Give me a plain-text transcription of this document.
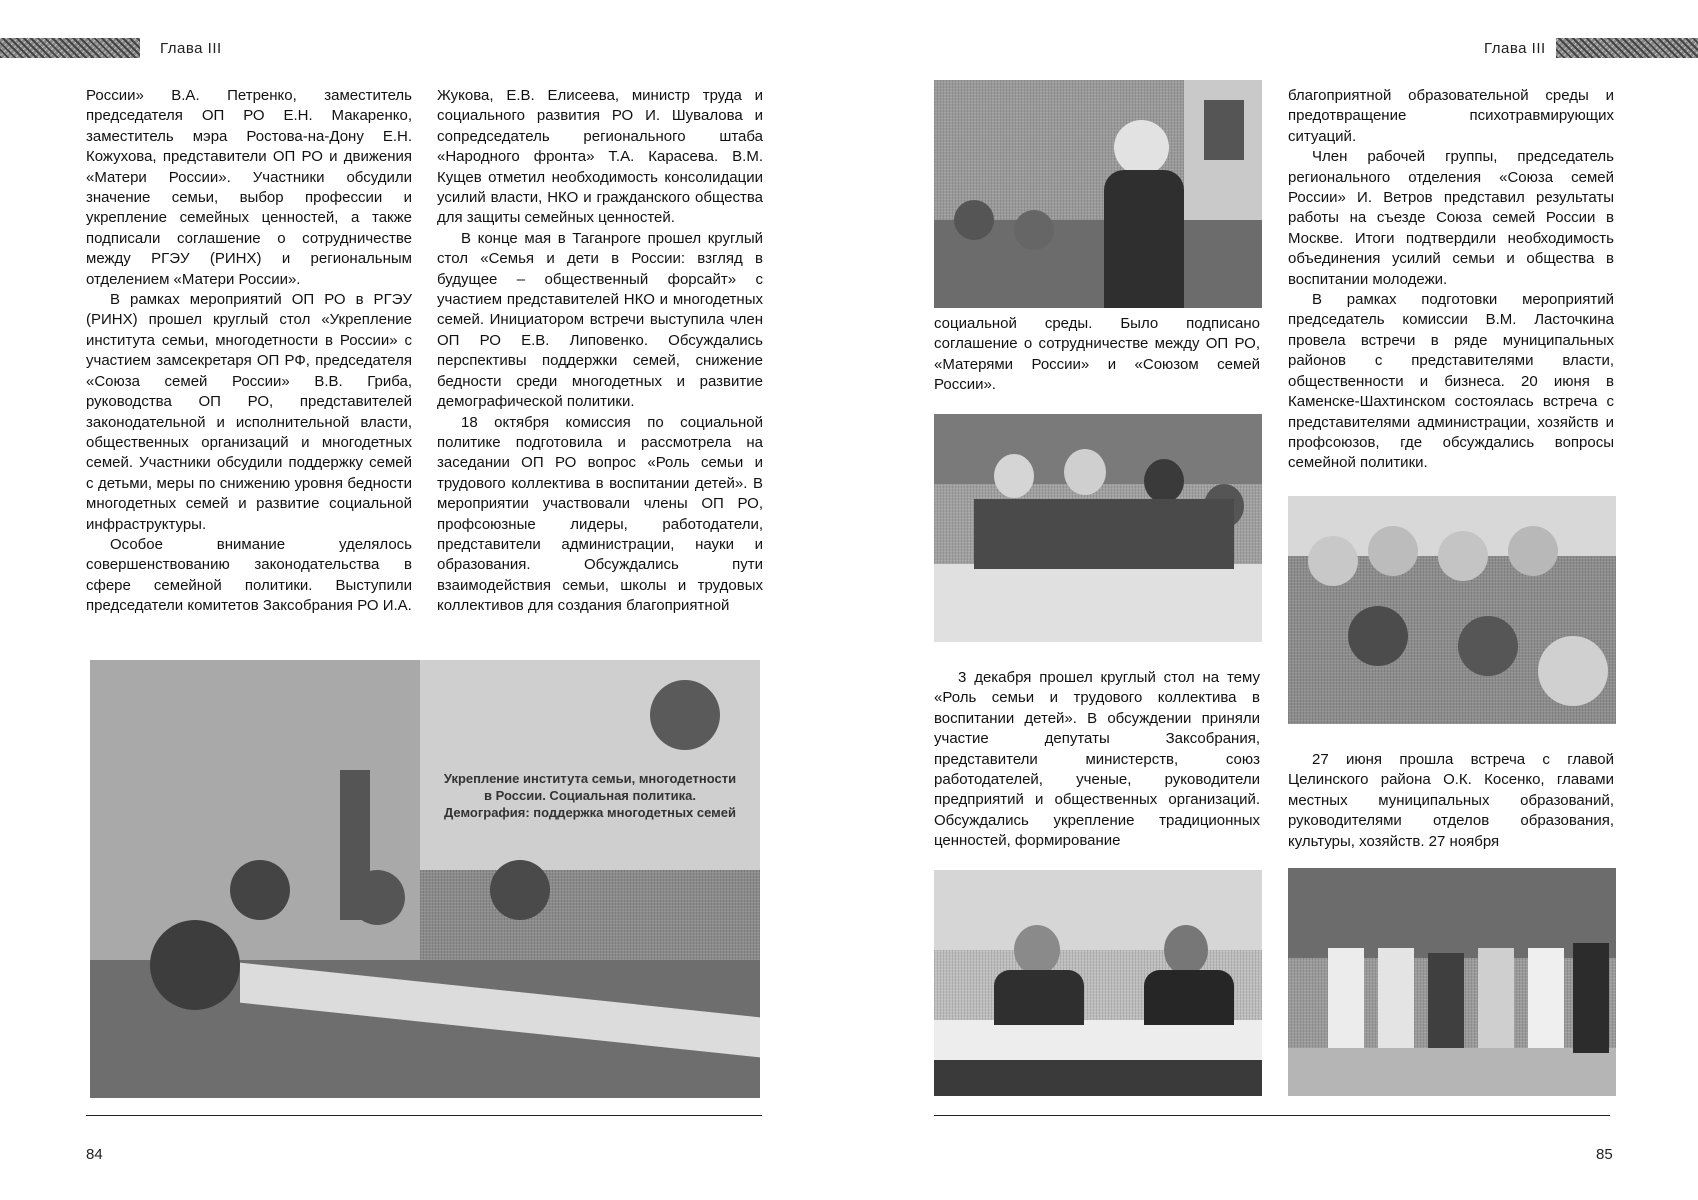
Глава III	Глава III

России» В.А. Петренко, заместитель председателя ОП РО Е.Н. Макаренко, заместитель мэра Ростова-на-Дону Е.Н. Кожухова, представители ОП РО и движения «Матери России». Участники обсудили значение семьи, выбор профессии и укрепление семейных ценностей, а также подписали соглашение о сотрудничестве между РГЭУ (РИНХ) и региональным отделением «Матери России».

В рамках мероприятий ОП РО в РГЭУ (РИНХ) прошел круглый стол «Укрепление института семьи, многодетности в России» с участием замсекретаря ОП РФ, председателя «Союза семей России» В.В. Гриба, руководства ОП РО, представителей законодательной и исполнительной власти, общественных организаций и многодетных семей. Участники обсудили поддержку семей с детьми, меры по снижению уровня бедности многодетных семей и развитие социальной инфраструктуры.

Особое внимание уделялось совершенствованию законодательства в сфере семейной политики. Выступили председатели комитетов Заксобрания РО И.А.

Жукова, Е.В. Елисеева, министр труда и социального развития РО И. Шувалова и сопредседатель регионального штаба «Народного фронта» Т.А. Карасева. В.М. Кущев отметил необходимость консолидации усилий власти, НКО и гражданского общества для защиты семейных ценностей.

В конце мая в Таганроге прошел круглый стол «Семья и дети в России: взгляд в будущее – общественный форсайт» с участием представителей НКО и многодетных семей. Инициатором встречи выступила член ОП РО Е.В. Липовенко. Обсуждались перспективы поддержки семей, снижение бедности среди многодетных и развитие демографической политики.

18 октября комиссия по социальной политике подготовила и рассмотрела на заседании ОП РО вопрос «Роль семьи и трудового коллектива в воспитании детей». В мероприятии участвовали члены ОП РО, профсоюзные лидеры, работодатели, представители администрации, науки и образования. Обсуждались пути взаимодействия семьи, школы и трудовых коллективов для создания благоприятной

Укрепление института семьи, многодетности в России. Социальная политика. Демография: поддержка многодетных семей
84

социальной среды. Было подписано соглашение о сотрудничестве между ОП РО, «Матерями России» и «Союзом семей России».

3 декабря прошел круглый стол на тему «Роль семьи и трудового коллектива в воспитании детей». В обсуждении приняли участие депутаты Заксобрания, представители министерств, союз работодателей, ученые, руководители предприятий и общественных организаций. Обсуждались укрепление традиционных ценностей, формирование

благоприятной образовательной среды и предотвращение психотравмирующих ситуаций.

Член рабочей группы, председатель регионального отделения «Союза семей России» И. Ветров представил результаты работы на съезде Союза семей России в Москве. Итоги подтвердили необходимость объединения усилий семьи и общества в воспитании молодежи.

В рамках подготовки мероприятий председатель комиссии В.М. Ласточкина провела встречи в ряде муниципальных районов с представителями власти, общественности и бизнеса. 20 июня в Каменске-Шахтинском состоялась встреча с представителями администрации, хозяйств и профсоюзов, где обсуждались вопросы семейной политики.

27 июня прошла встреча с главой Целинского района О.К. Косенко, главами местных муниципальных образований, руководителями отделов образования, культуры, хозяйств. 27 ноября

85
